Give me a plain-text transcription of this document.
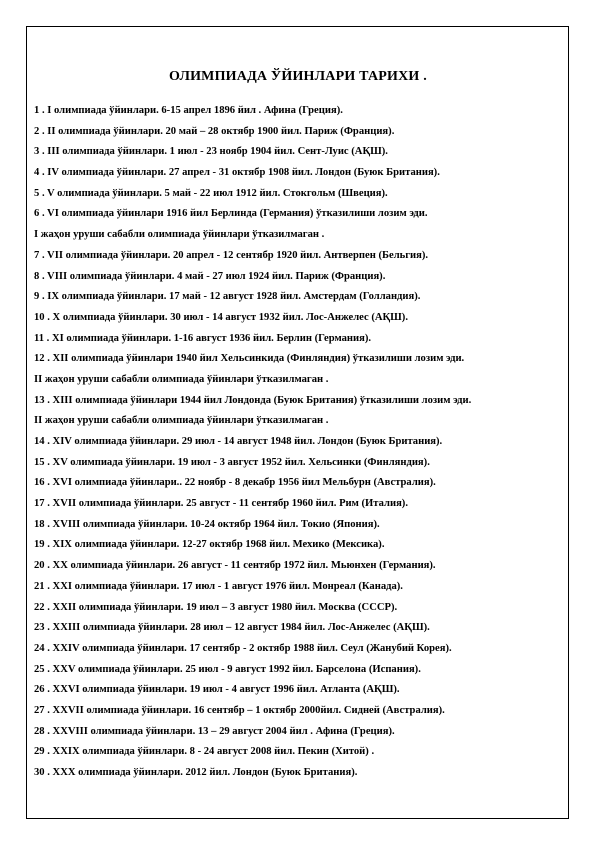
ОЛИМПИАДА ЎЙИНЛАРИ ТАРИХИ .
1 . I олимпиада ўйинлари. 6-15 апрел 1896 йил . Афина (Греция).
2 . II олимпиада ўйинлари. 20 май – 28 октябр 1900 йил. Париж (Франция).
3 . III олимпиада ўйинлари. 1 июл - 23 ноябр 1904 йил. Сент-Луис (АҚШ).
4 . IV олимпиада ўйинлари. 27 апрел - 31 октябр 1908 йил. Лондон (Буюк Британия).
5 . V олимпиада ўйинлари. 5 май - 22 июл 1912 йил. Стокгольм (Швеция).
6 . VI олимпиада ўйинлари 1916 йил Берлинда (Германия) ўтказилиши лозим эди.
I жаҳон уруши сабабли олимпиада ўйинлари ўтказилмаган .
7 . VII олимпиада ўйинлари. 20 апрел - 12 сентябр 1920 йил. Антверпен (Бельгия).
8 . VIII олимпиада ўйинлари. 4 май - 27 июл 1924 йил. Париж (Франция).
9 . IX олимпиада ўйинлари. 17 май - 12 август 1928 йил. Амстердам (Голландия).
10 . X олимпиада ўйинлари. 30 июл - 14 август 1932 йил. Лос-Анжелес (АҚШ).
11 . XI олимпиада ўйинлари. 1-16 август 1936 йил. Берлин (Германия).
12 . XII олимпиада ўйинлари 1940 йил Хельсинкида (Финляндия) ўтказилиши лозим эди.
II жаҳон уруши сабабли олимпиада ўйинлари ўтказилмаган .
13 . XIII олимпиада ўйинлари 1944 йил Лондонда (Буюк Британия) ўтказилиши лозим эди.
II жаҳон уруши сабабли олимпиада ўйинлари ўтказилмаган .
14 . XIV олимпиада ўйинлари. 29 июл - 14 август 1948 йил. Лондон (Буюк Британия).
15 . XV олимпиада ўйинлари. 19 июл - 3 август 1952 йил. Хельсинки (Финляндия).
16 . XVI олимпиада ўйинлари.. 22 ноябр - 8 декабр 1956 йил Мельбурн (Австралия).
17 . XVII олимпиада ўйинлари. 25 август - 11 сентябр 1960 йил. Рим (Италия).
18 . XVIII олимпиада ўйинлари. 10-24 октябр 1964 йил. Токио (Япония).
19 . XIX олимпиада ўйинлари. 12-27 октябр 1968 йил. Мехико (Мексика).
20 . XX олимпиада ўйинлари. 26 август - 11 сентябр 1972 йил. Мьюнхен (Германия).
21 . XXI олимпиада ўйинлари. 17 июл - 1 август 1976 йил. Монреал (Канада).
22 . XXII олимпиада ўйинлари. 19 июл – 3 август 1980 йил. Москва (СССР).
23 . XXIII олимпиада ўйинлари. 28 июл – 12 август 1984 йил. Лос-Анжелес (АҚШ).
24 . XXIV олимпиада ўйинлари. 17 сентябр - 2 октябр 1988 йил. Сеул (Жанубий Корея).
25 . XXV олимпиада ўйинлари. 25 июл - 9 август 1992 йил. Барселона (Испания).
26 . XXVI олимпиада ўйинлари. 19 июл - 4 август 1996 йил. Атланта (АҚШ).
27 . XXVII олимпиада ўйинлари. 16 сентябр – 1 октябр 2000йил. Сидней (Австралия).
28 . XXVIII олимпиада ўйинлари. 13 – 29 август 2004 йил . Афина (Греция).
29 . XXIX олимпиада ўйинлари. 8 - 24 август 2008 йил. Пекин (Хитой) .
30 . XXX олимпиада ўйинлари. 2012 йил. Лондон (Буюк Британия).
